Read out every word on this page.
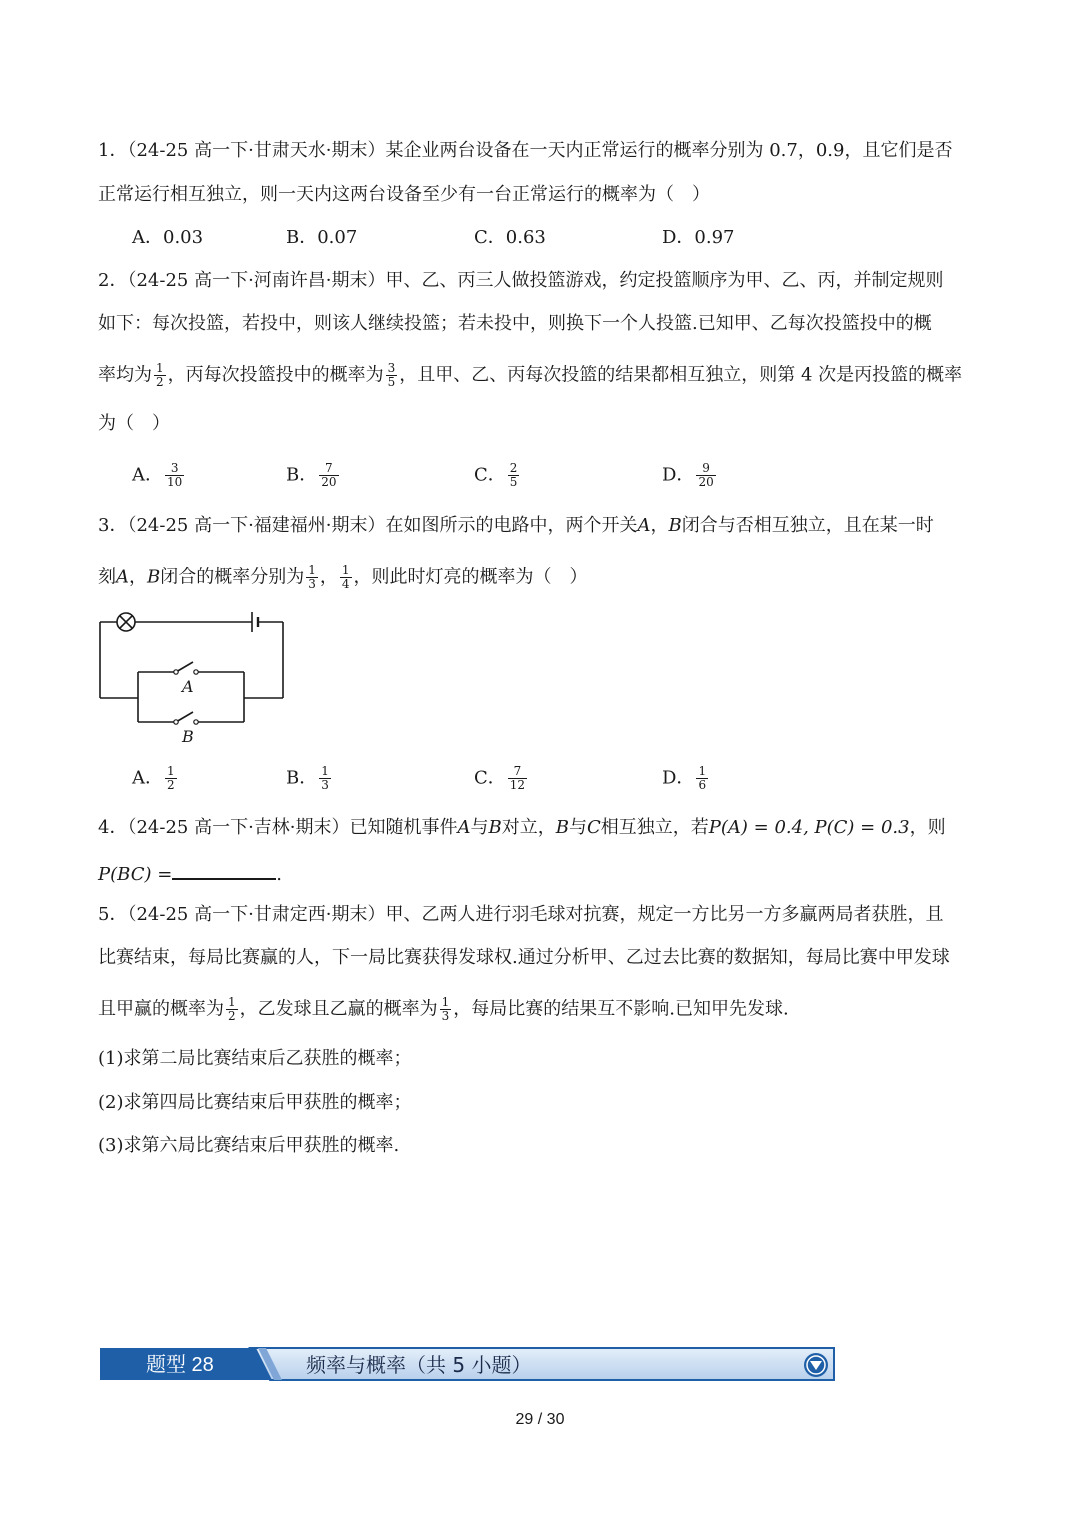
1．（24-25 高一下·甘肃天水·期末）某企业两台设备在一天内正常运行的概率分别为 0.7，0.9，且它们是否
正常运行相互独立，则一天内这两台设备至少有一台正常运行的概率为（　）
A．0.03	B．0.07	C．0.63	D．0.97
2．（24-25 高一下·河南许昌·期末）甲、乙、丙三人做投篮游戏，约定投篮顺序为甲、乙、丙，并制定规则
如下：每次投篮，若投中，则该人继续投篮；若未投中，则换下一个人投篮.已知甲、乙每次投篮投中的概
率均为 $\frac{1}{2}$ ，丙每次投篮投中的概率为 $\frac{3}{5}$ ，且甲、乙、丙每次投篮的结果都相互独立，则第 4 次是丙投篮的概率
为（　）
A． $\frac{3}{10}$	B． $\frac{7}{20}$	C． $\frac{2}{5}$	D． $\frac{9}{20}$
3．（24-25 高一下·福建福州·期末）在如图所示的电路中，两个开关A，B闭合与否相互独立，且在某一时
刻A，B闭合的概率分别为 $\frac{1}{3}$ ， $\frac{1}{4}$ ，则此时灯亮的概率为（　）
A
B
A． $\frac{1}{2}$	B． $\frac{1}{3}$	C． $\frac{7}{12}$	D． $\frac{1}{6}$
4．（24-25 高一下·吉林·期末）已知随机事件A与B对立，B与C相互独立，若P(A) = 0.4, P(C) = 0.3，则
P(BC) =	.
5．（24-25 高一下·甘肃定西·期末）甲、乙两人进行羽毛球对抗赛，规定一方比另一方多赢两局者获胜，且
比赛结束，每局比赛赢的人，下一局比赛获得发球权.通过分析甲、乙过去比赛的数据知，每局比赛中甲发球
且甲赢的概率为 $\frac{1}{2}$ ，乙发球且乙赢的概率为 $\frac{1}{3}$ ，每局比赛的结果互不影响.已知甲先发球.
(1)求第二局比赛结束后乙获胜的概率；
(2)求第四局比赛结束后甲获胜的概率；
(3)求第六局比赛结束后甲获胜的概率.
题型 28	频率与概率（共 5 小题）
29 / 30
